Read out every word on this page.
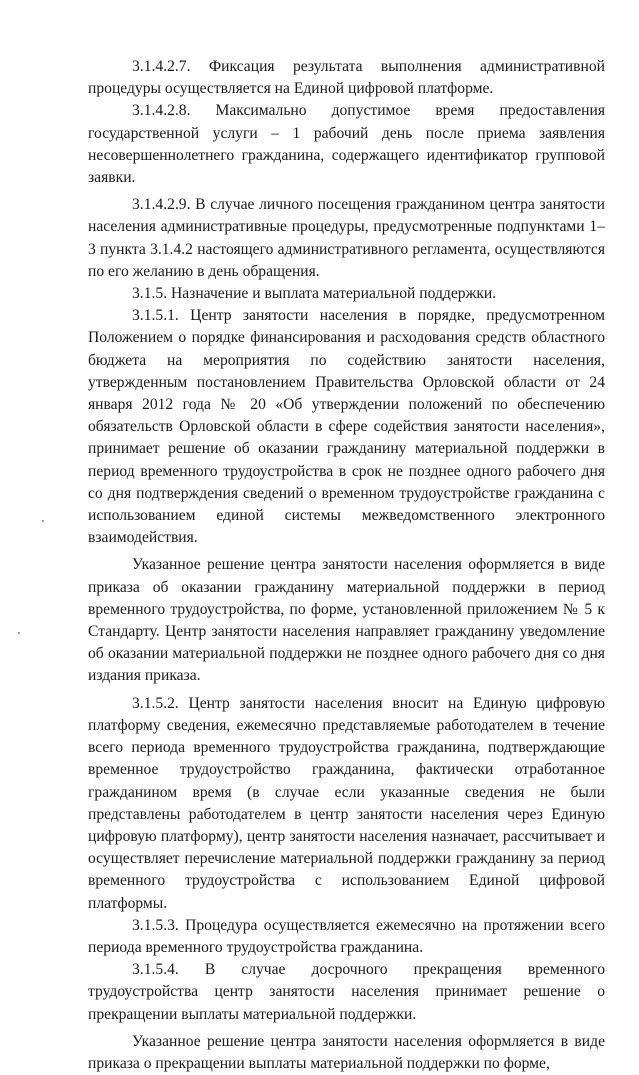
3.1.4.2.7. Фиксация результата выполнения административной процедуры осуществляется на Единой цифровой платформе.

3.1.4.2.8. Максимально допустимое время предоставления государственной услуги – 1 рабочий день после приема заявления несовершеннолетнего гражданина, содержащего идентификатор групповой заявки.

3.1.4.2.9. В случае личного посещения гражданином центра занятости населения административные процедуры, предусмотренные подпунктами 1–3 пункта 3.1.4.2 настоящего административного регламента, осуществляются по его желанию в день обращения.

3.1.5. Назначение и выплата материальной поддержки.

3.1.5.1. Центр занятости населения в порядке, предусмотренном Положением о порядке финансирования и расходования средств областного бюджета на мероприятия по содействию занятости населения, утвержденным постановлением Правительства Орловской области от 24 января 2012 года № 20 «Об утверждении положений по обеспечению обязательств Орловской области в сфере содействия занятости населения», принимает решение об оказании гражданину материальной поддержки в период временного трудоустройства в срок не позднее одного рабочего дня со дня подтверждения сведений о временном трудоустройстве гражданина с использованием единой системы межведомственного электронного взаимодействия.

Указанное решение центра занятости населения оформляется в виде приказа об оказании гражданину материальной поддержки в период временного трудоустройства, по форме, установленной приложением № 5 к Стандарту. Центр занятости населения направляет гражданину уведомление об оказании материальной поддержки не позднее одного рабочего дня со дня издания приказа.

3.1.5.2. Центр занятости населения вносит на Единую цифровую платформу сведения, ежемесячно представляемые работодателем в течение всего периода временного трудоустройства гражданина, подтверждающие временное трудоустройство гражданина, фактически отработанное гражданином время (в случае если указанные сведения не были представлены работодателем в центр занятости населения через Единую цифровую платформу), центр занятости населения назначает, рассчитывает и осуществляет перечисление материальной поддержки гражданину за период временного трудоустройства с использованием Единой цифровой платформы.

3.1.5.3. Процедура осуществляется ежемесячно на протяжении всего периода временного трудоустройства гражданина.

3.1.5.4. В случае досрочного прекращения временного трудоустройства центр занятости населения принимает решение о прекращении выплаты материальной поддержки.

Указанное решение центра занятости населения оформляется в виде приказа о прекращении выплаты материальной поддержки по форме,
